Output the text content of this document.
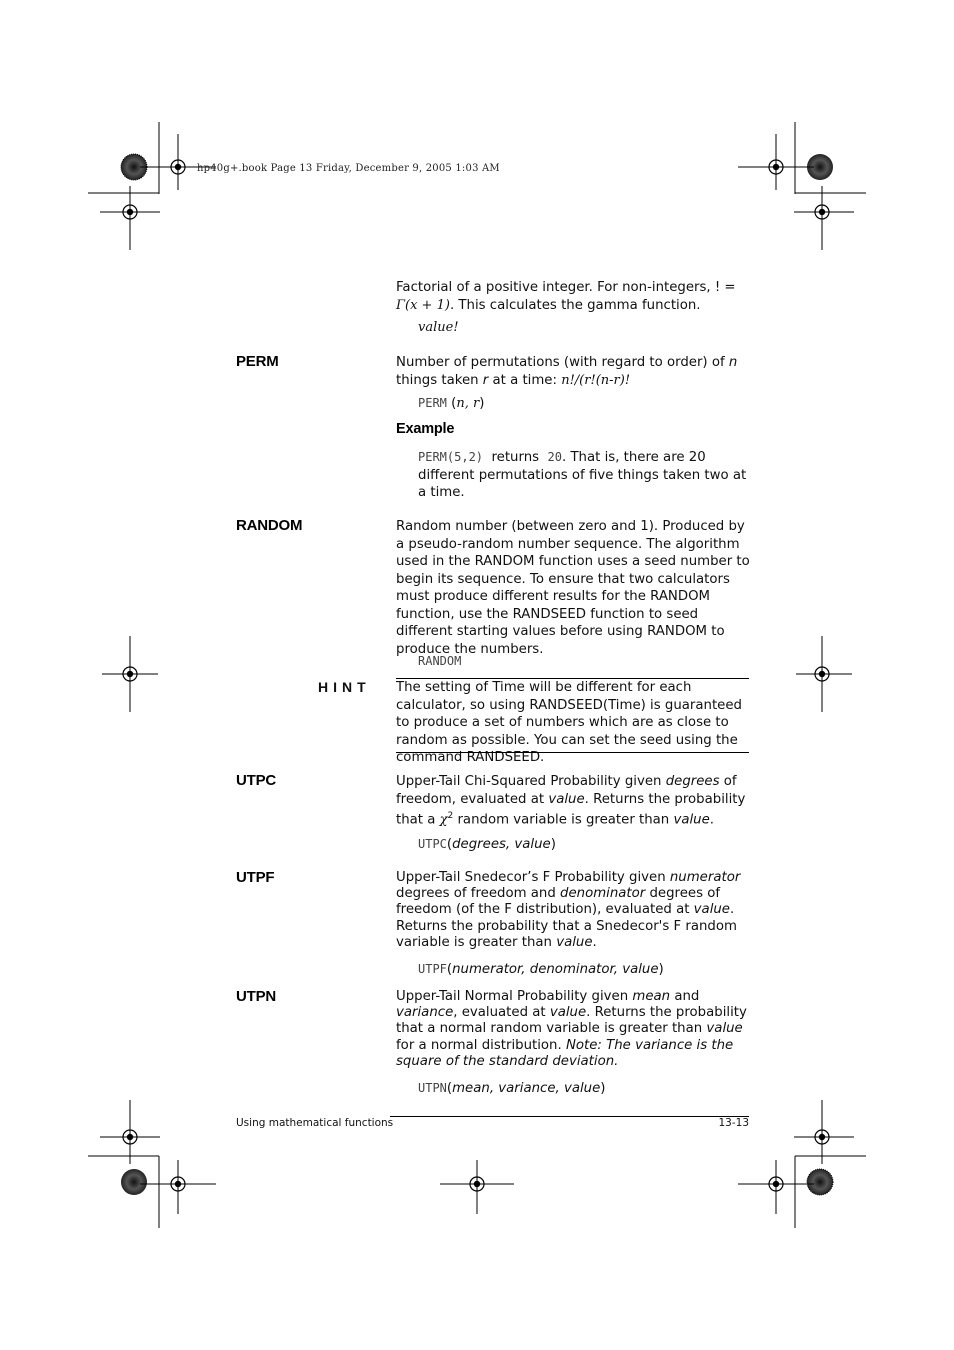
hp40g+.book Page 13 Friday, December 9, 2005 1:03 AM
Factorial of a positive integer. For non-integers, ! = Γ(x + 1). This calculates the gamma function.
value!
PERM	Number of permutations (with regard to order) of n things taken r at a time: n!/(r!(n-r)!
PERM (n, r)
Example
PERM(5,2)  returns  20. That is, there are 20 different permutations of five things taken two at a time.
RANDOM	Random number (between zero and 1). Produced by a pseudo-random number sequence. The algorithm used in the RANDOM function uses a seed number to begin its sequence. To ensure that two calculators must produce different results for the RANDOM function, use the RANDSEED function to seed different starting values before using RANDOM to produce the numbers.
RANDOM
HINT The setting of Time will be different for each calculator, so using RANDSEED(Time) is guaranteed to produce a set of numbers which are as close to random as possible. You can set the seed using the command RANDSEED.
UTPC	Upper-Tail Chi-Squared Probability given degrees of freedom, evaluated at value. Returns the probability that a $\chi^2$ random variable is greater than value.
UTPC(degrees, value)
UTPF	Upper-Tail Snedecor’s F Probability given numerator degrees of freedom and denominator degrees of freedom (of the F distribution), evaluated at value. Returns the probability that a Snedecor's F random variable is greater than value.
UTPF(numerator, denominator, value)
UTPN	Upper-Tail Normal Probability given mean and variance, evaluated at value. Returns the probability that a normal random variable is greater than value for a normal distribution. Note: The variance is the square of the standard deviation.
UTPN(mean, variance, value)
Using mathematical functions	13-13
